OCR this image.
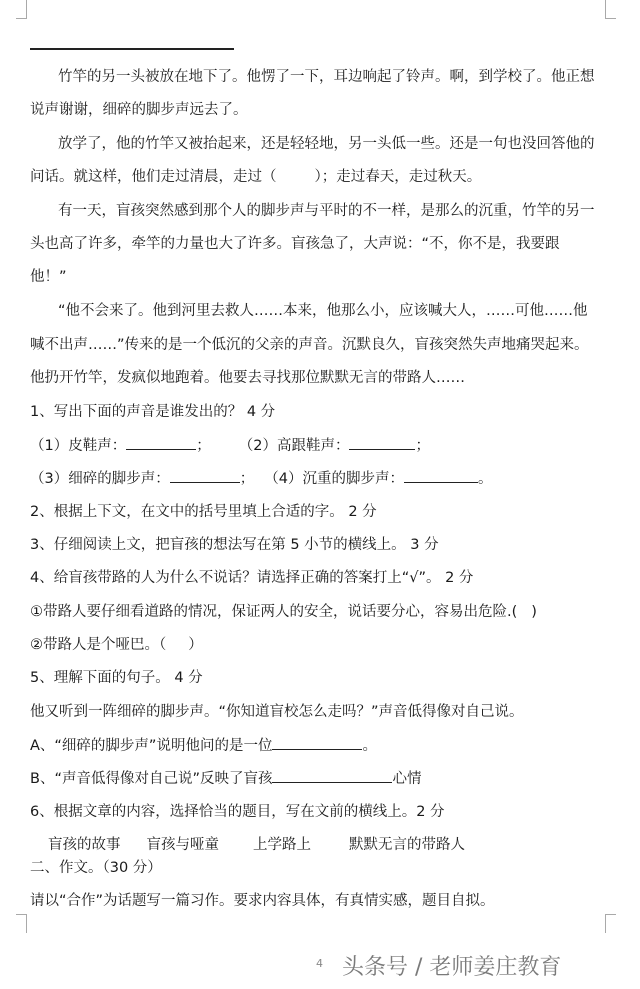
竹竿的另一头被放在地下了。他愣了一下，耳边响起了铃声。啊，到学校了。他正想
说声谢谢，细碎的脚步声远去了。
放学了，他的竹竿又被抬起来，还是轻轻地，另一头低一些。还是一句也没回答他的
问话。就这样，他们走过清晨，走过（	）；走过春天，走过秋天。
有一天，盲孩突然感到那个人的脚步声与平时的不一样，是那么的沉重，竹竿的另一
头也高了许多，牵竿的力量也大了许多。盲孩急了，大声说：“不，你不是，我要跟
他！”
“他不会来了。他到河里去救人……本来，他那么小，应该喊大人，……可他……他
喊不出声……”传来的是一个低沉的父亲的声音。沉默良久，盲孩突然失声地痛哭起来。
他扔开竹竿，发疯似地跑着。他要去寻找那位默默无言的带路人……
1、写出下面的声音是谁发出的？ 4 分
（1）皮鞋声：	； （2）高跟鞋声：	；
（3）细碎的脚步声：	； （4）沉重的脚步声：	。
2、根据上下文，在文中的括号里填上合适的字。 2 分
3、仔细阅读上文，把盲孩的想法写在第 5 小节的横线上。 3 分
4、给盲孩带路的人为什么不说话？请选择正确的答案打上“√”。 2 分
①带路人要仔细看道路的情况，保证两人的安全，说话要分心，容易出危险.( )
②带路人是个哑巴。（ ）
5、理解下面的句子。 4 分
他又听到一阵细碎的脚步声。“你知道盲校怎么走吗？”声音低得像对自己说。
A、“细碎的脚步声”说明他问的是一位	。
B、“声音低得像对自己说”反映了盲孩	心情
6、根据文章的内容，选择恰当的题目，写在文前的横线上。2 分
盲孩的故事 盲孩与哑童 上学路上	默默无言的带路人
二、作文。（30 分）
请以“合作”为话题写一篇习作。要求内容具体，有真情实感，题目自拟。
4 头条号 / 老师姜庄教育
